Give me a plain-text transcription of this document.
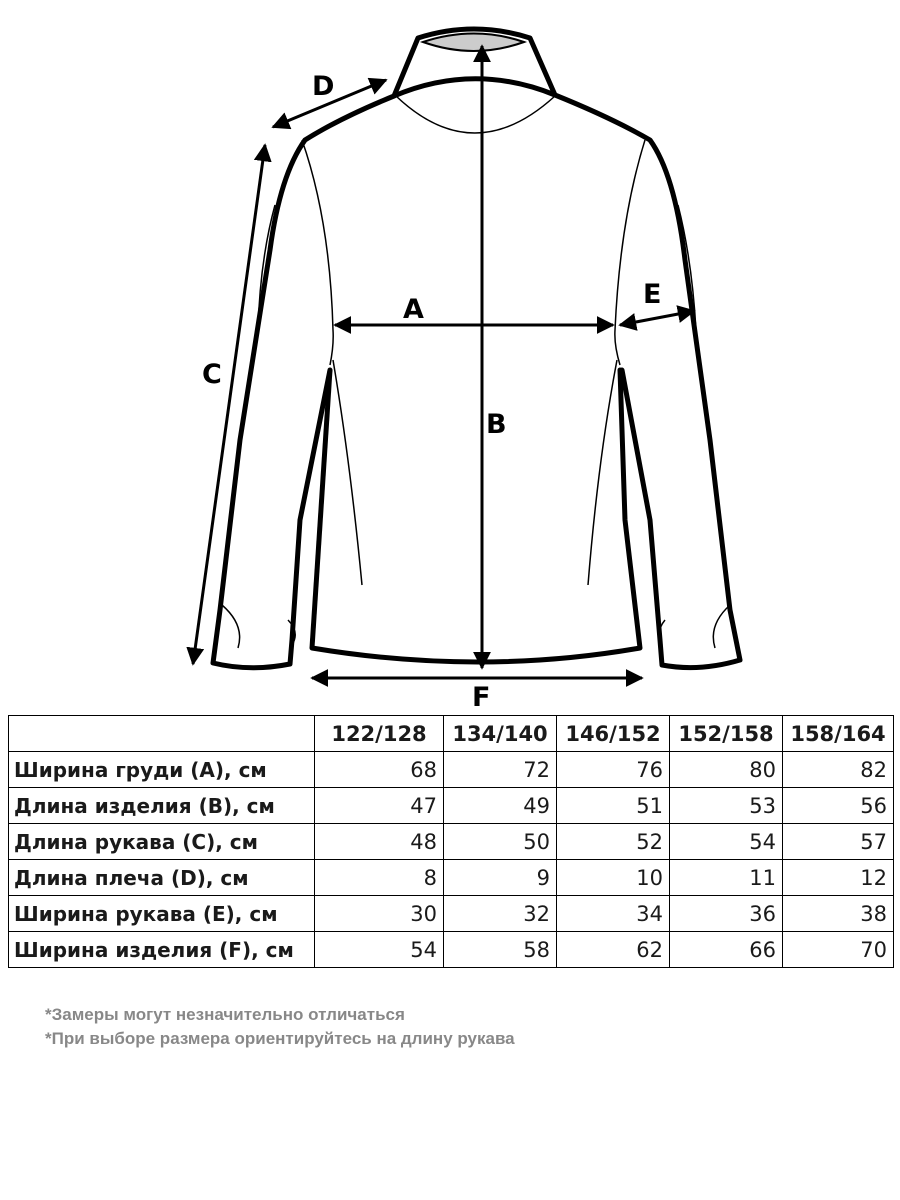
A
B
C
D
E
F
	122/128	134/140	146/152	152/158	158/164
Ширина груди (A), см	68	72	76	80	82
Длина изделия (B), см	47	49	51	53	56
Длина рукава (C), см	48	50	52	54	57
Длина плеча (D), см	8	9	10	11	12
Ширина рукава (E), см	30	32	34	36	38
Ширина изделия (F), см	54	58	62	66	70
*Замеры могут незначительно отличаться
*При выборе размера ориентируйтесь на длину рукава
